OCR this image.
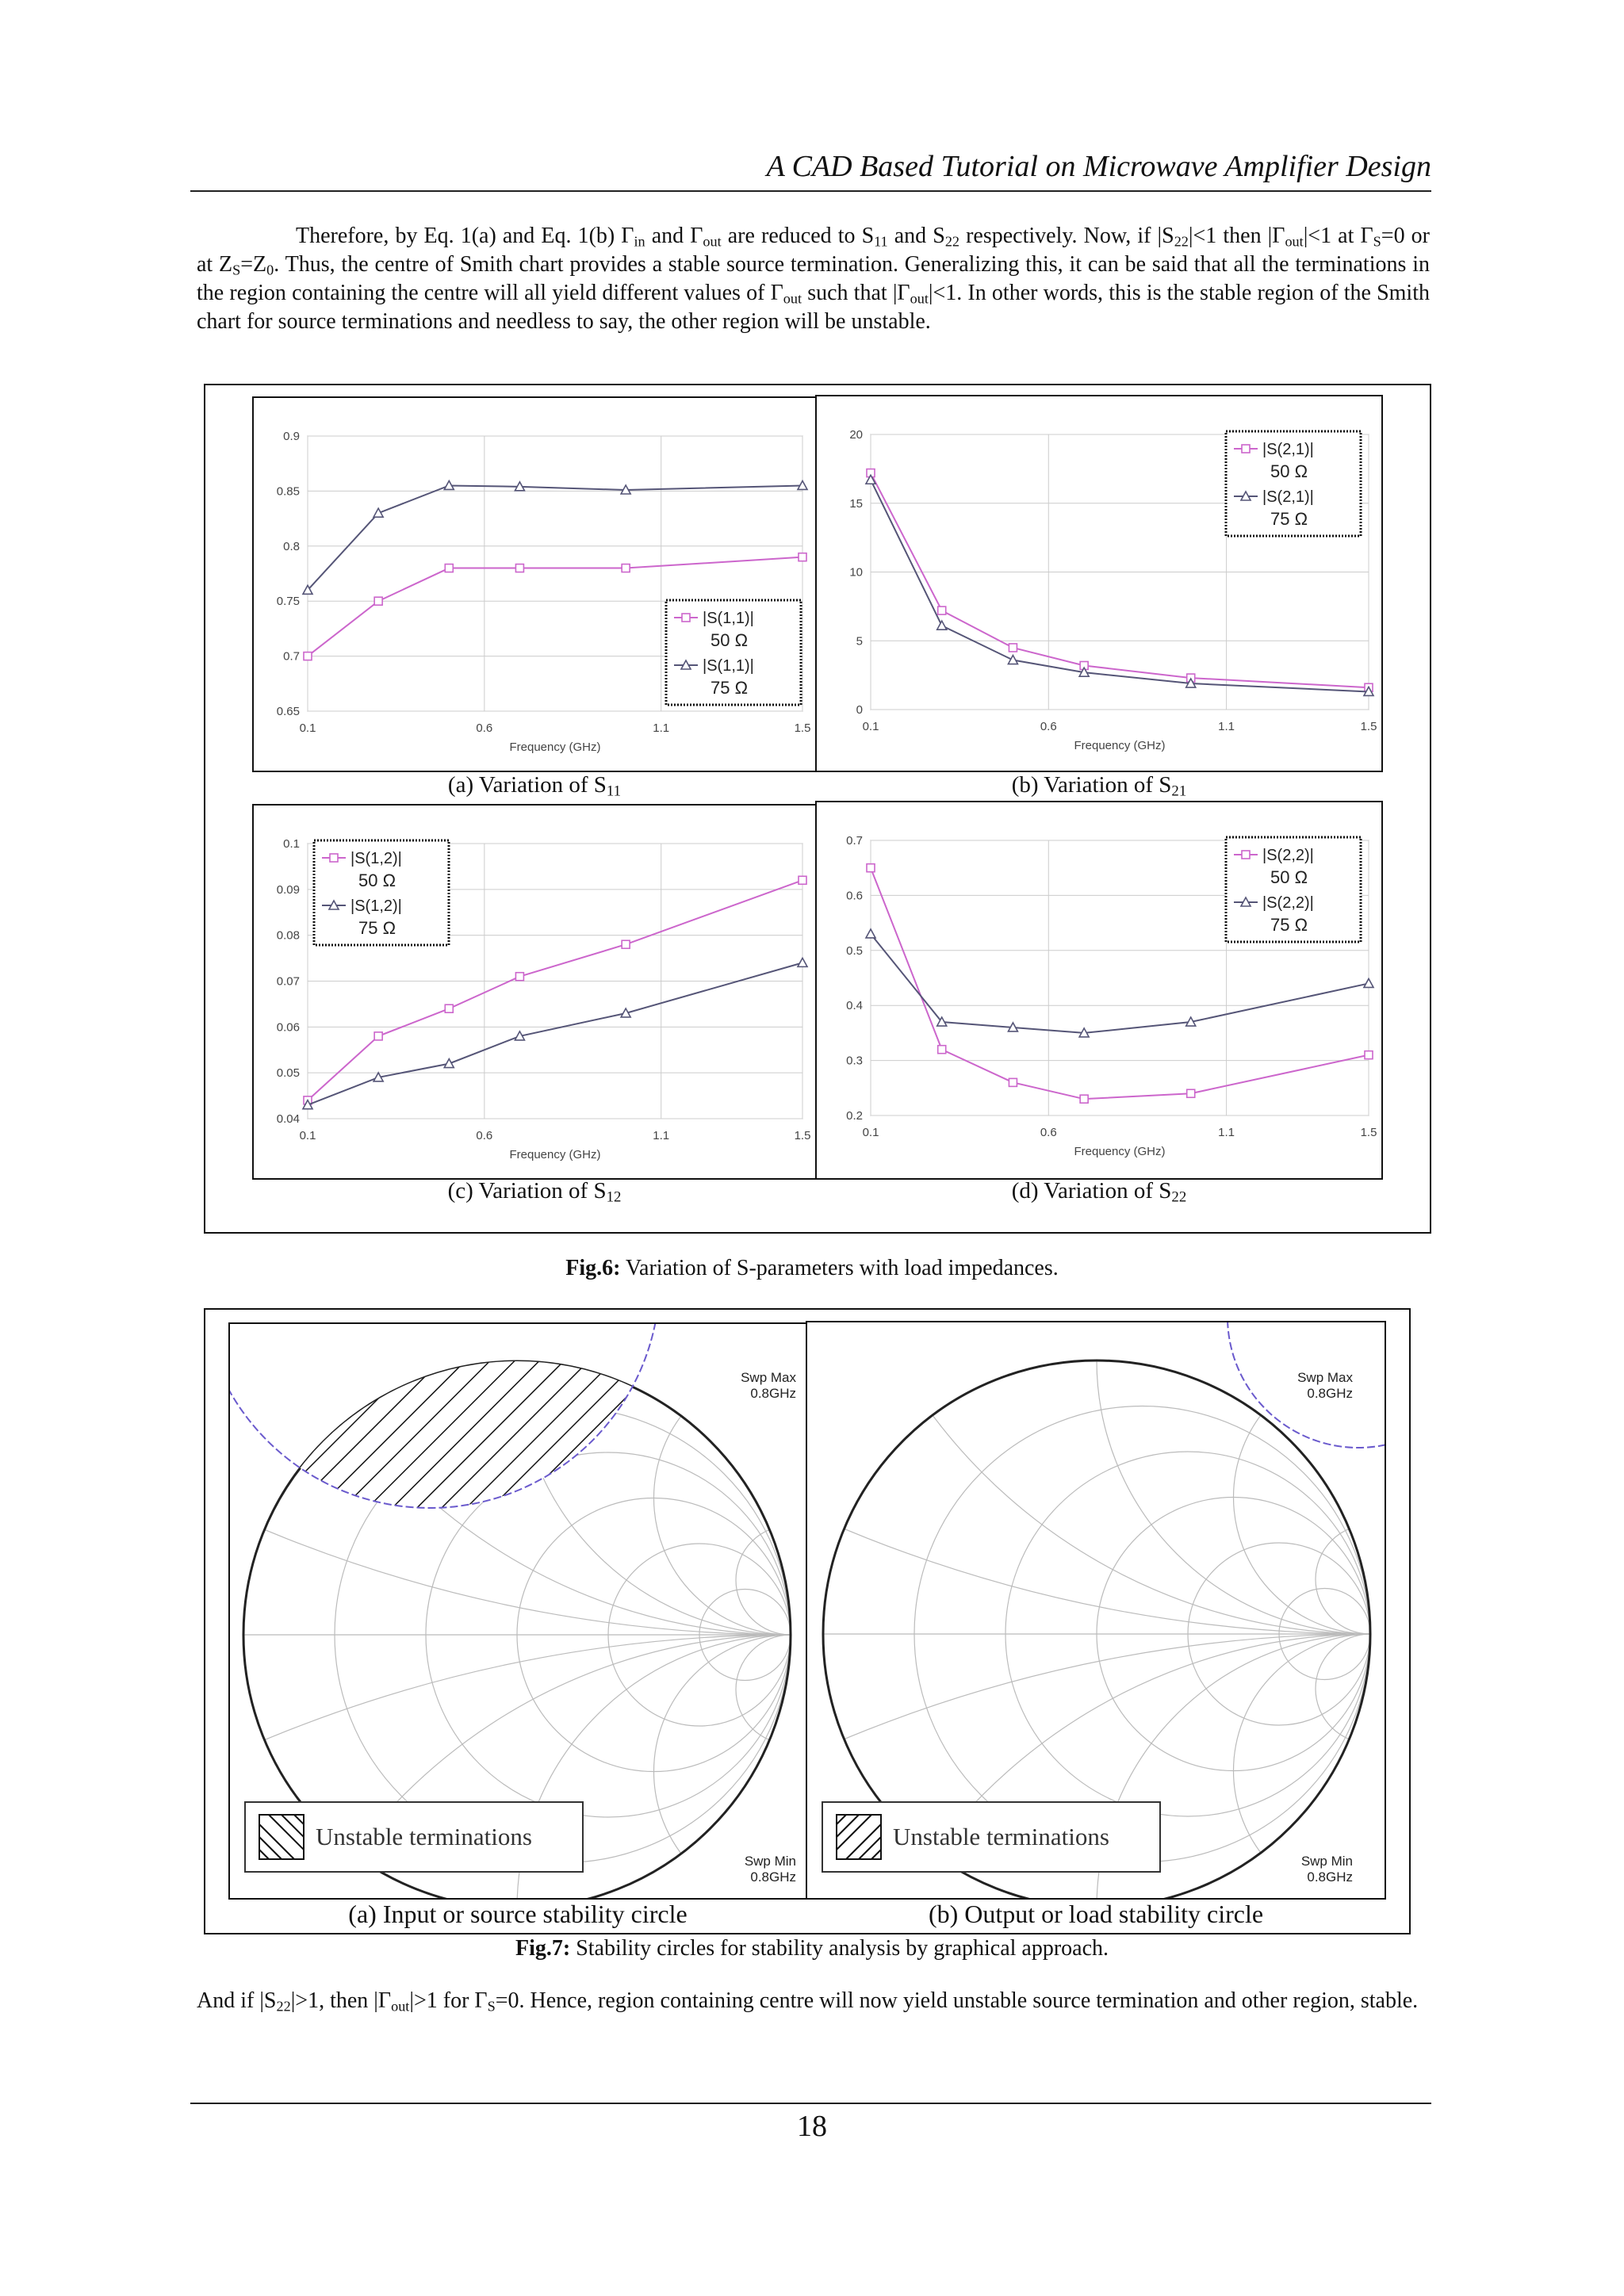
A CAD Based Tutorial on Microwave Amplifier Design
Therefore, by Eq. 1(a) and Eq. 1(b) $\Gamma_{in}$ and $\Gamma_{out}$ are reduced to $S_{11}$ and $S_{22}$ respectively. Now, if $|S_{22}|<1$ then $|\Gamma_{out}|<1$ at $\Gamma_S=0$ or at $Z_S=Z_0$. Thus, the centre of Smith chart provides a stable source termination. Generalizing this, it can be said that all the terminations in the region containing the centre will all yield different values of $\Gamma_{out}$ such that $|\Gamma_{out}|<1$. In other words, this is the stable region of the Smith chart for source terminations and needless to say, the other region will be unstable.
0.65
0.7
0.75
0.8
0.85
0.9
0.1	0.6	1.1	1.5
Frequency (GHz)
|S(1,1)|
50 Ω
|S(1,1)|
75 Ω
0
5
10
15
20
0.1	0.6	1.1	1.5
Frequency (GHz)
|S(2,1)|
50 Ω
|S(2,1)|
75 Ω
(a) Variation of $S_{11}$	(b) Variation of $S_{21}$
0.04
0.05
0.06
0.07
0.08
0.09
0.1
0.1	0.6	1.1	1.5
Frequency (GHz)
|S(1,2)|
50 Ω
|S(1,2)|
75 Ω
0.2
0.3
0.4
0.5
0.6
0.7
0.1	0.6	1.1	1.5
Frequency (GHz)
|S(2,2)|
50 Ω
|S(2,2)|
75 Ω
(c) Variation of $S_{12}$	(d) Variation of $S_{22}$
Fig.6: Variation of S-parameters with load impedances.
Swp Max
0.8GHz
Swp Min
0.8GHz
Unstable terminations
Swp Max
0.8GHz
Swp Min
0.8GHz
Unstable terminations
(a) Input or source stability circle	(b) Output or load stability circle
Fig.7: Stability circles for stability analysis by graphical approach.
And if $|S_{22}|>1$, then $|\Gamma_{out}|>1$ for $\Gamma_S=0$. Hence, region containing centre will now yield unstable source termination and other region, stable.
18
